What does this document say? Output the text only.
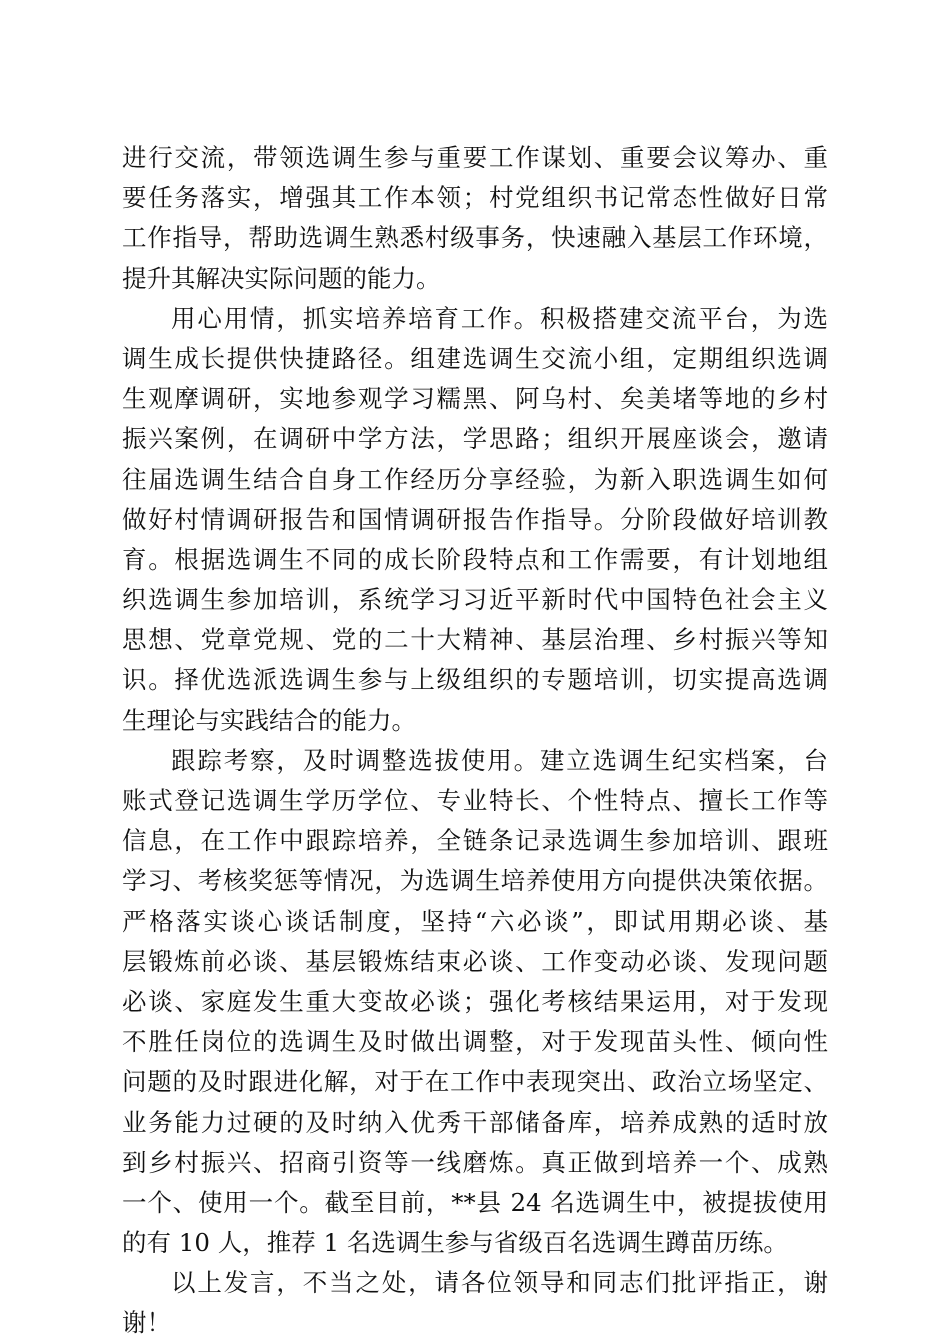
进行交流，带领选调生参与重要工作谋划、重要会议筹办、重
要任务落实，增强其工作本领；村党组织书记常态性做好日常
工作指导，帮助选调生熟悉村级事务，快速融入基层工作环境，
提升其解决实际问题的能力。
用心用情，抓实培养培育工作。积极搭建交流平台，为选
调生成长提供快捷路径。组建选调生交流小组，定期组织选调
生观摩调研，实地参观学习糯黑、阿乌村、矣美堵等地的乡村
振兴案例，在调研中学方法，学思路；组织开展座谈会，邀请
往届选调生结合自身工作经历分享经验，为新入职选调生如何
做好村情调研报告和国情调研报告作指导。分阶段做好培训教
育。根据选调生不同的成长阶段特点和工作需要，有计划地组
织选调生参加培训，系统学习习近平新时代中国特色社会主义
思想、党章党规、党的二十大精神、基层治理、乡村振兴等知
识。择优选派选调生参与上级组织的专题培训，切实提高选调
生理论与实践结合的能力。
跟踪考察，及时调整选拔使用。建立选调生纪实档案，台
账式登记选调生学历学位、专业特长、个性特点、擅长工作等
信息，在工作中跟踪培养，全链条记录选调生参加培训、跟班
学习、考核奖惩等情况，为选调生培养使用方向提供决策依据。
严格落实谈心谈话制度，坚持“六必谈”，即试用期必谈、基
层锻炼前必谈、基层锻炼结束必谈、工作变动必谈、发现问题
必谈、家庭发生重大变故必谈；强化考核结果运用，对于发现
不胜任岗位的选调生及时做出调整，对于发现苗头性、倾向性
问题的及时跟进化解，对于在工作中表现突出、政治立场坚定、
业务能力过硬的及时纳入优秀干部储备库，培养成熟的适时放
到乡村振兴、招商引资等一线磨炼。真正做到培养一个、成熟
一个、使用一个。截至目前，**县 24 名选调生中，被提拔使用
的有 10 人，推荐 1 名选调生参与省级百名选调生蹲苗历练。
以上发言，不当之处，请各位领导和同志们批评指正，谢
谢！
